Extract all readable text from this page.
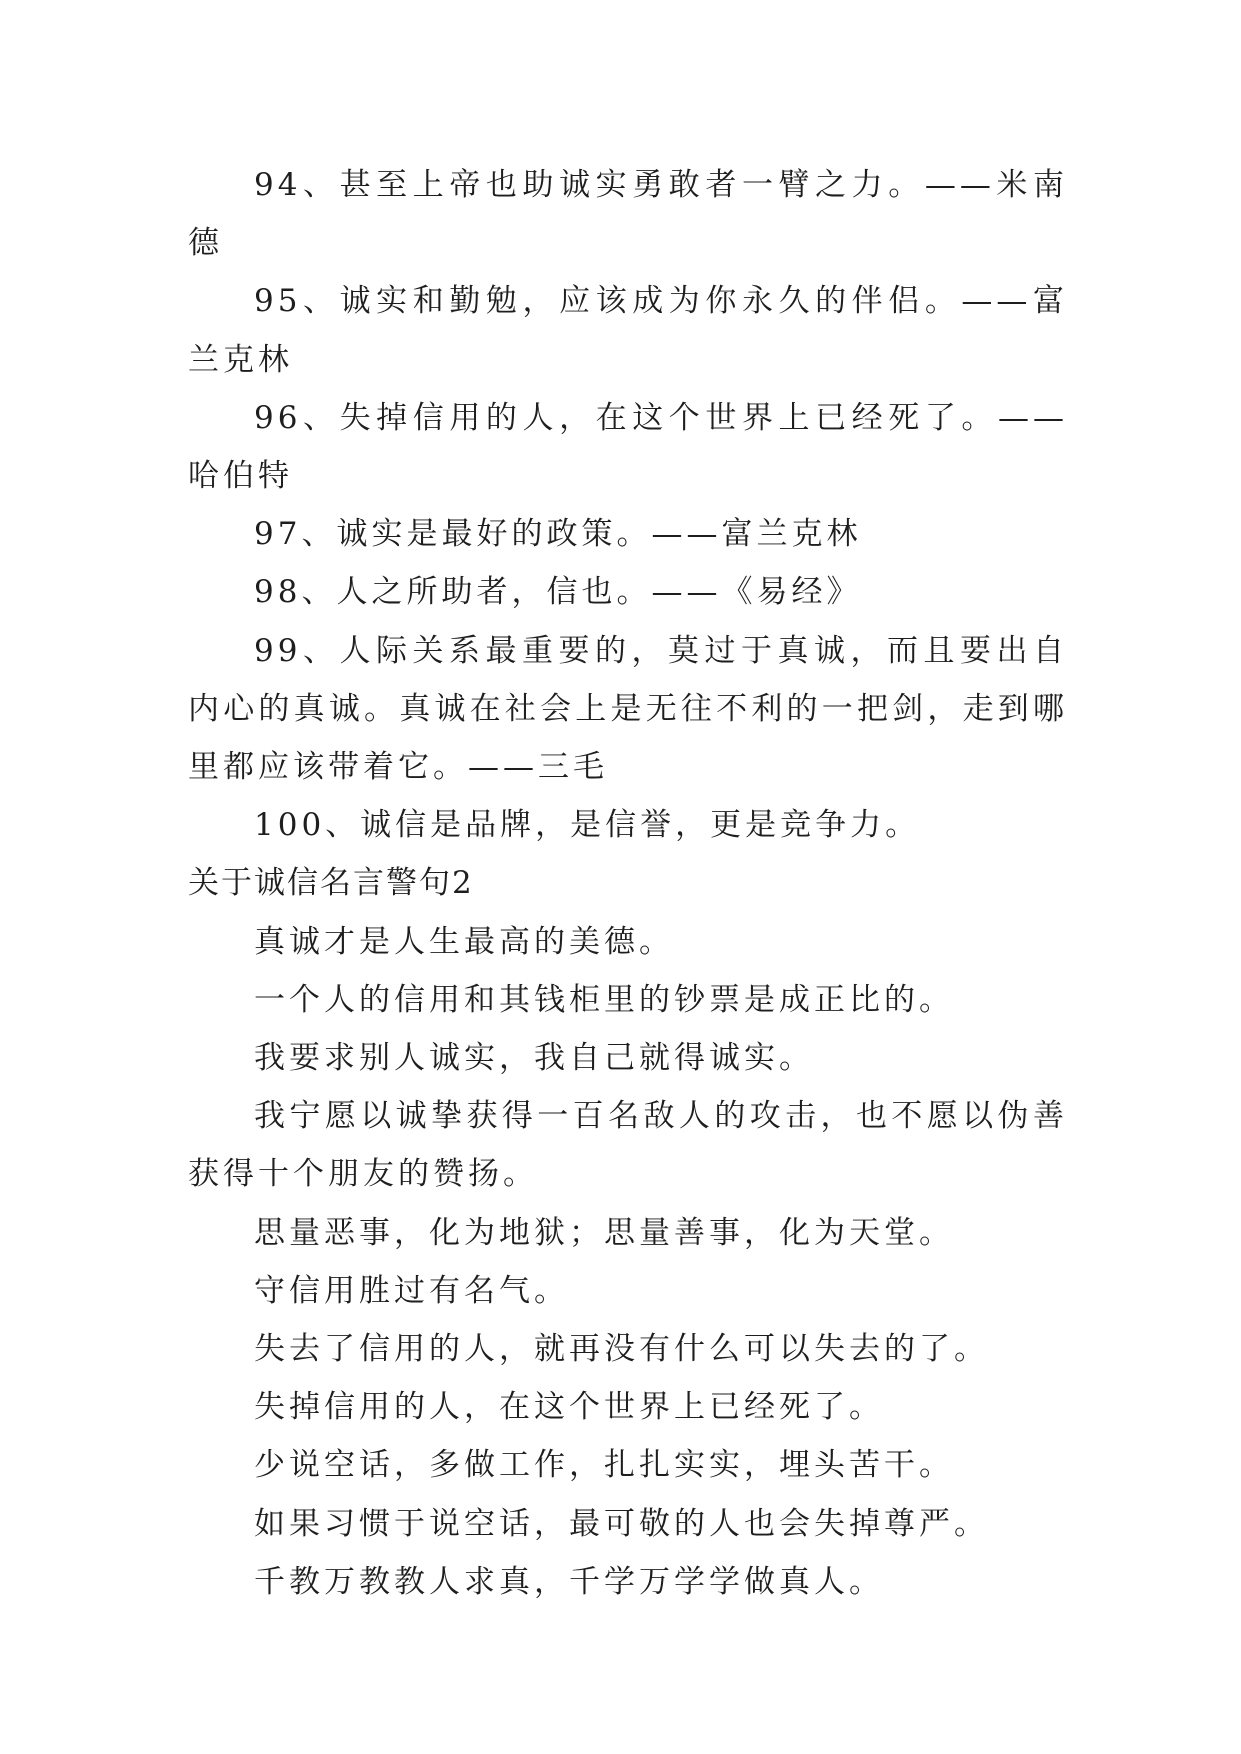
94、甚至上帝也助诚实勇敢者一臂之力。——米南德

95、诚实和勤勉，应该成为你永久的伴侣。——富兰克林

96、失掉信用的人，在这个世界上已经死了。——哈伯特

97、诚实是最好的政策。——富兰克林

98、人之所助者，信也。——《易经》

99、人际关系最重要的，莫过于真诚，而且要出自内心的真诚。真诚在社会上是无往不利的一把剑，走到哪里都应该带着它。——三毛

100、诚信是品牌，是信誉，更是竞争力。

关于诚信名言警句2

真诚才是人生最高的美德。

一个人的信用和其钱柜里的钞票是成正比的。

我要求别人诚实，我自己就得诚实。

我宁愿以诚挚获得一百名敌人的攻击，也不愿以伪善获得十个朋友的赞扬。

思量恶事，化为地狱；思量善事，化为天堂。

守信用胜过有名气。

失去了信用的人，就再没有什么可以失去的了。

失掉信用的人，在这个世界上已经死了。

少说空话，多做工作，扎扎实实，埋头苦干。

如果习惯于说空话，最可敬的人也会失掉尊严。

千教万教教人求真，千学万学学做真人。
